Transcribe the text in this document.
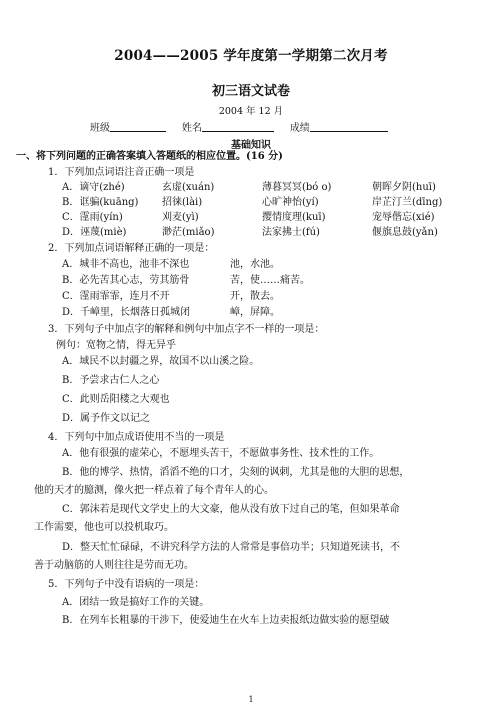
2004——2005 学年度第一学期第二次月考
初三语文试卷
2004 年 12 月
班级	姓名	成绩
基础知识
一、将下列问题的正确答案填入答题纸的相应位置。(16 分)
1．下列加点词语注音正确一项是
A．谪守(zhé)	玄虚(xuán)	薄暮冥冥(bó o)	朝晖夕阴(huī)
B．诓骗(kuāng) 招徕(lài)	心旷神怡(yí)	岸芷汀兰(dīng)
C．霪雨(yín)	刈麦(yì)	撄情度理(kuī)	宠辱偕忘(xié)
D．诬蔑(miè)	渺茫(miǎo)	法家拂士(fú)	偃旗息鼓(yǎn)
2．下列加点词语解释正确的一项是：
A．城非不高也，池非不深也	池，水池。
B．必先苦其心志，劳其筋骨	苦，使……痛苦。
C．霪雨霏霏，连月不开	开，散去。
D．千嶂里，长烟落日孤城闭	嶂，屏障。
3．下列句子中加点字的解释和例句中加点字不一样的一项是：
例句：宽物之情，得无异乎
A．域民不以封疆之界，故国不以山溪之险。
B．予尝求古仁人之心
C．此则岳阳楼之大观也
D．属予作文以记之
4．下列句中加点成语使用不当的一项是
A．他有很强的虚荣心，不愿埋头苦干，不愿做事务性、技术性的工作。
B．他的博学、热情，滔滔不绝的口才，尖刻的讽刺，尤其是他的大胆的思想，
他的天才的臆测，像火把一样点着了每个青年人的心。
C．郭沫若是现代文学史上的大文豪，他从没有放下过自己的笔，但如果革命
工作需要，他也可以投机取巧。
D．整天忙忙碌碌，不讲究科学方法的人常常是事倍功半；只知道死读书，不
善于动脑筋的人则往往是劳而无功。
5．下列句子中没有语病的一项是：
A．团结一致是搞好工作的关键。
B．在列车长粗暴的干涉下，使爱迪生在火车上边卖报纸边做实验的愿望破
1
